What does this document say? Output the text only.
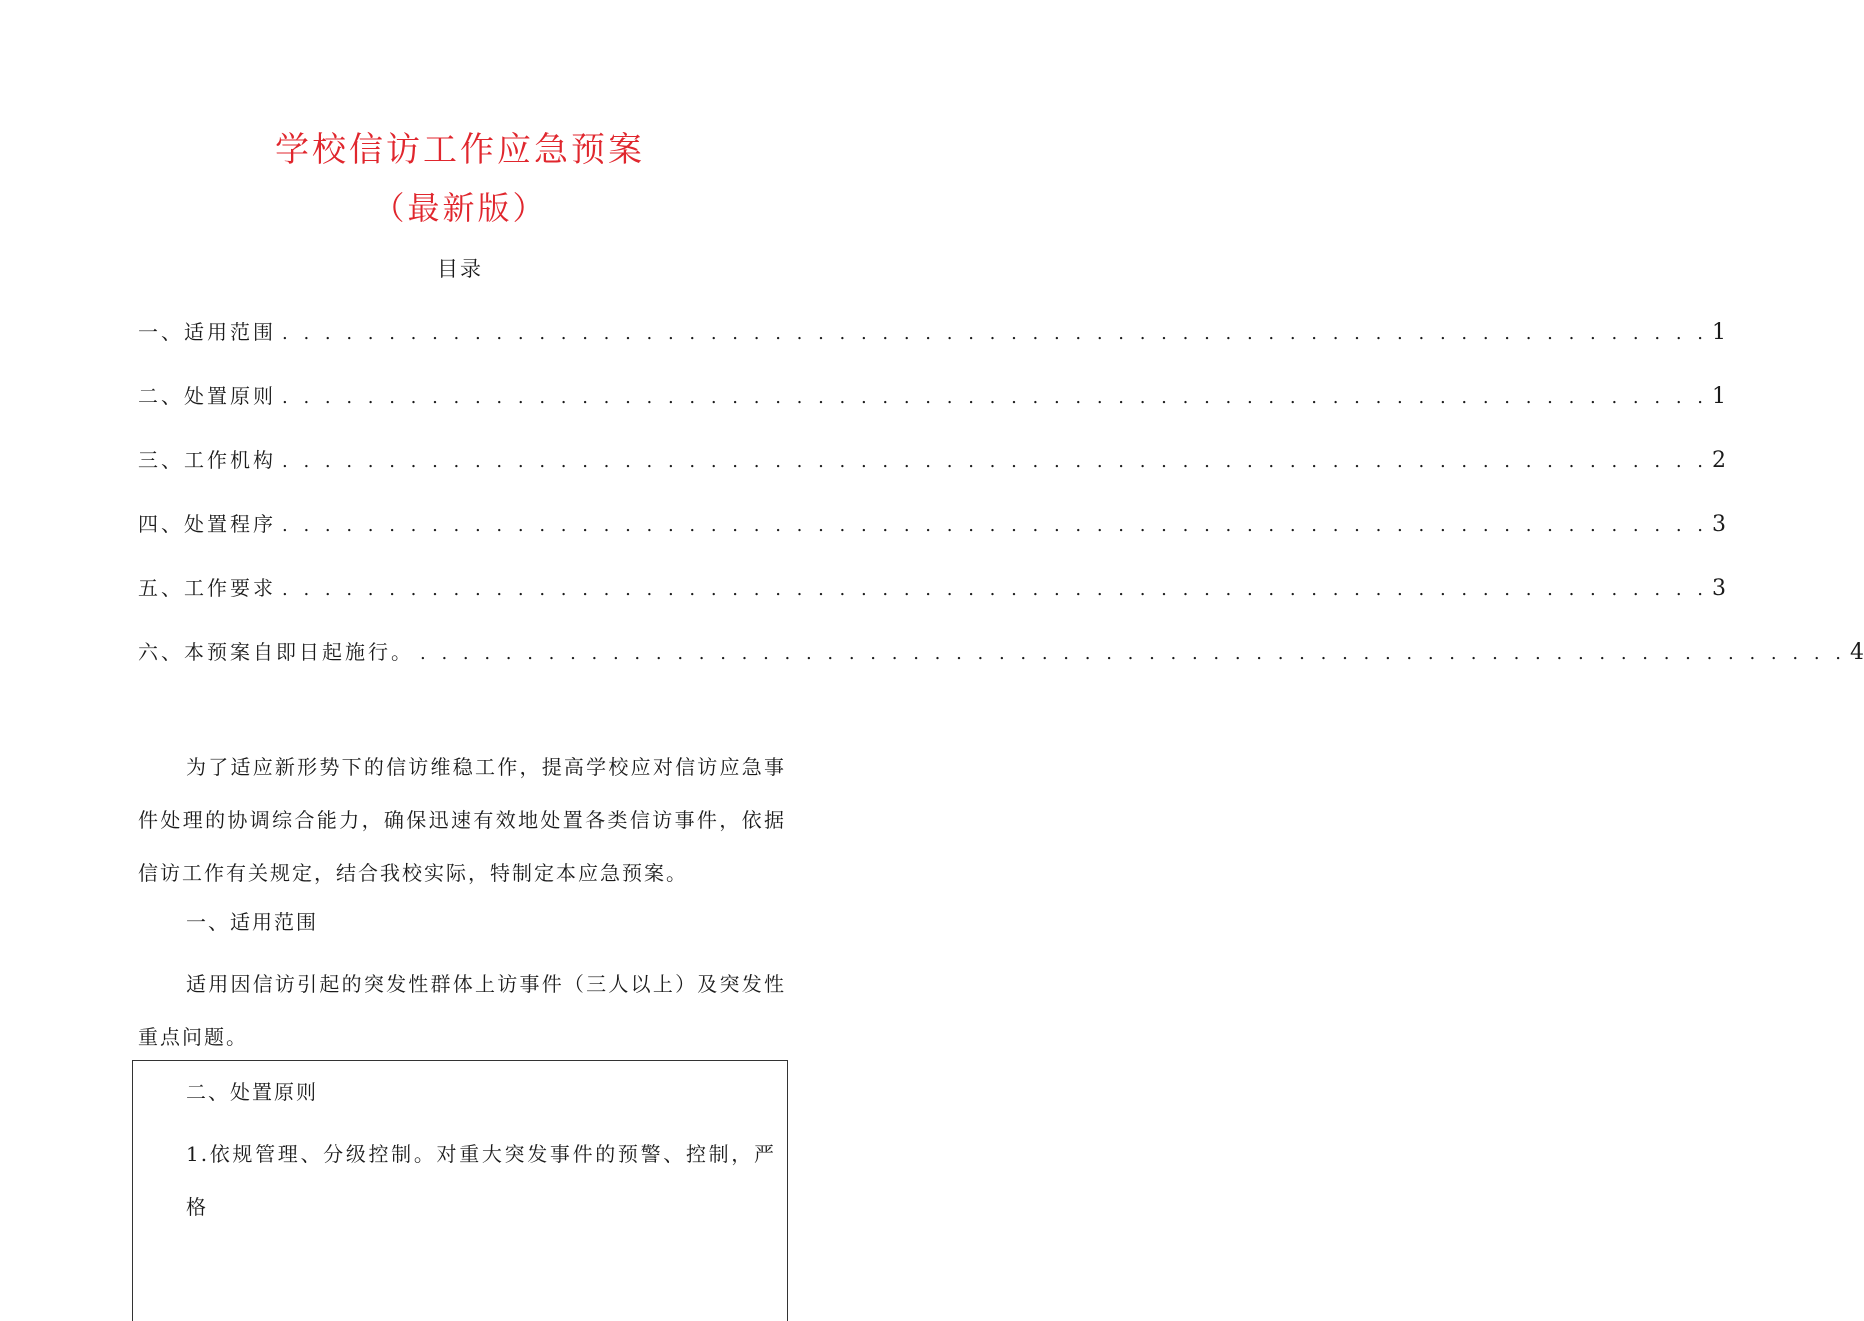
学校信访工作应急预案
（最新版）
目录
一、适用范围 . . . . . . . . . . . . . . . . . . . . . . . . . . . . . . . . . . . . . . . . . . . . . . . . . . . . . . . . . . . . . . . . . . . 1
二、处置原则 . . . . . . . . . . . . . . . . . . . . . . . . . . . . . . . . . . . . . . . . . . . . . . . . . . . . . . . . . . . . . . . . . . . 1
三、工作机构 . . . . . . . . . . . . . . . . . . . . . . . . . . . . . . . . . . . . . . . . . . . . . . . . . . . . . . . . . . . . . . . . . . . 2
四、处置程序 . . . . . . . . . . . . . . . . . . . . . . . . . . . . . . . . . . . . . . . . . . . . . . . . . . . . . . . . . . . . . . . . . . . 3
五、工作要求 . . . . . . . . . . . . . . . . . . . . . . . . . . . . . . . . . . . . . . . . . . . . . . . . . . . . . . . . . . . . . . . . . . . 3
六、本预案自即日起施行。 . . . . . . . . . . . . . . . . . . . . . . . . . . . . . . . . . . . . . . . . . . . . . . . . . . . . . . . . . . . . . . . . . . . 4

为了适应新形势下的信访维稳工作，提高学校应对信访应急事件处理的协调综合能力，确保迅速有效地处置各类信访事件，依据信访工作有关规定，结合我校实际，特制定本应急预案。

一、适用范围

适用因信访引起的突发性群体上访事件（三人以上）及突发性重点问题。

二、处置原则

1.依规管理、分级控制。对重大突发事件的预警、控制，严格
